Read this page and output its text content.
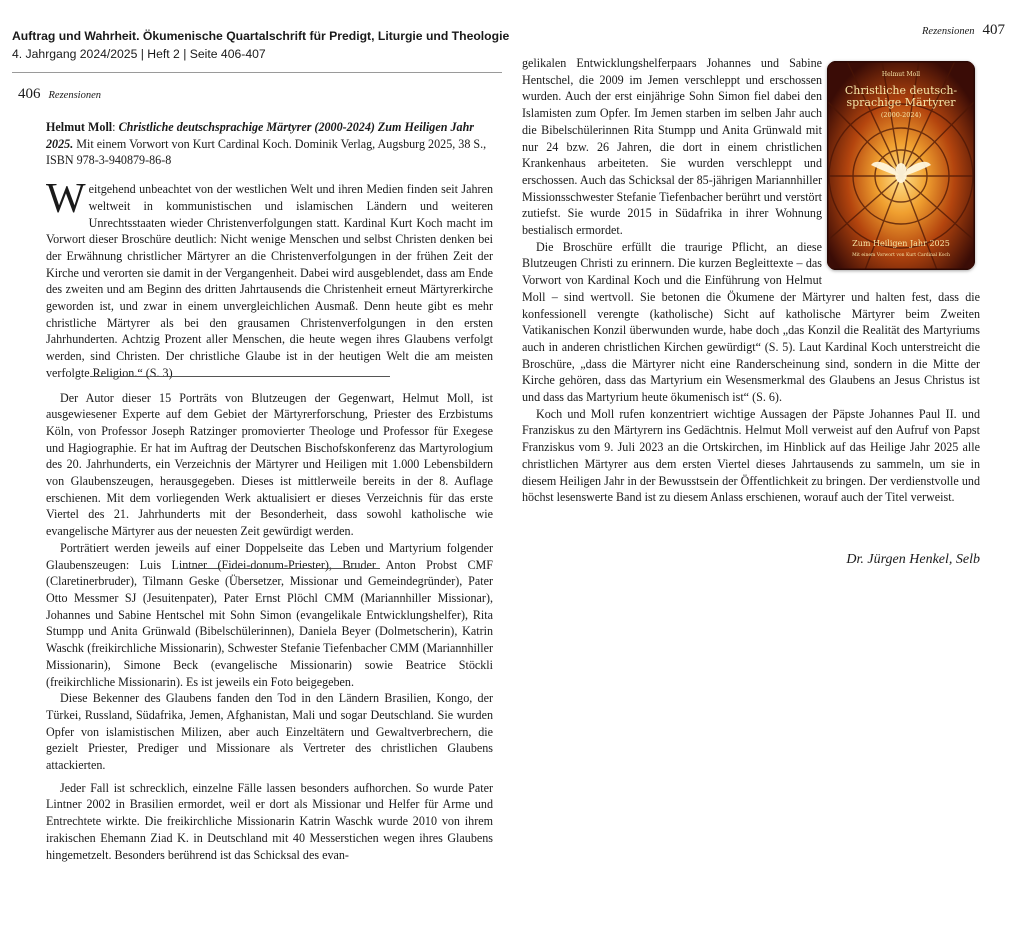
Auftrag und Wahrheit. Ökumenische Quartalschrift für Predigt, Liturgie und Theologie
4. Jahrgang 2024/2025 | Heft 2 | Seite 406-407
406 Rezensionen
Rezensionen 407

Helmut Moll: Christliche deutschsprachige Märtyrer (2000-2024) Zum Heiligen Jahr 2025. Mit einem Vorwort von Kurt Cardinal Koch. Dominik Verlag, Augsburg 2025, 38 S., ISBN 978-3-940879-86-8

Weitgehend unbeachtet von der westlichen Welt und ihren Medien finden seit Jahren weltweit in kommunistischen und islamischen Ländern und weiteren Unrechtsstaaten wieder Christenverfolgungen statt. Kardinal Kurt Koch macht im Vorwort dieser Broschüre deutlich: Nicht wenige Menschen und selbst Christen denken bei der Erwähnung christlicher Märtyrer an die Christenverfolgungen in der frühen Zeit der Kirche und verorten sie damit in der Vergangenheit. Dabei wird ausgeblendet, dass am Ende des zweiten und am Beginn des dritten Jahrtausends die Christenheit erneut Märtyrerkirche geworden ist, und zwar in einem unvergleichlichen Ausmaß. Denn heute gibt es mehr christliche Märtyrer als bei den grausamen Christenverfolgungen in den ersten Jahrhunderten. Achtzig Prozent aller Menschen, die heute wegen ihres Glaubens verfolgt werden, sind Christen. Der christliche Glaube ist in der heutigen Welt die am meisten verfolgte Religion.“ (S. 3)

Der Autor dieser 15 Porträts von Blutzeugen der Gegenwart, Helmut Moll, ist ausgewiesener Experte auf dem Gebiet der Märtyrerforschung, Priester des Erzbistums Köln, von Professor Joseph Ratzinger promovierter Theologe und Professor für Exegese und Hagiographie. Er hat im Auftrag der Deutschen Bischofskonferenz das Martyrologium des 20. Jahrhunderts, ein Verzeichnis der Märtyrer und Heiligen mit 1.000 Lebensbildern von Glaubenszeugen, herausgegeben. Dieses ist mittlerweile bereits in der 8. Auflage erschienen. Mit dem vorliegenden Werk aktualisiert er dieses Verzeichnis für das erste Viertel des 21. Jahrhunderts mit der Besonderheit, dass sowohl katholische wie evangelische Märtyrer aus der neuesten Zeit gewürdigt werden.

Porträtiert werden jeweils auf einer Doppelseite das Leben und Martyrium folgender Glaubenszeugen: Luis Lintner (Fidei-donum-Priester), Bruder Anton Probst CMF (Claretinerbruder), Tilmann Geske (Übersetzer, Missionar und Gemeindegründer), Pater Otto Messmer SJ (Jesuitenpater), Pater Ernst Plöchl CMM (Mariannhiller Missionar), Johannes und Sabine Hentschel mit Sohn Simon (evangelikale Entwicklungshelfer), Rita Stumpp und Anita Grünwald (Bibelschülerinnen), Daniela Beyer (Dolmetscherin), Katrin Waschk (freikirchliche Missionarin), Schwester Stefanie Tiefenbacher CMM (Mariannhiller Missionarin), Simone Beck (evangelische Missionarin) sowie Beatrice Stöckli (freikirchliche Missionarin). Es ist jeweils ein Foto beigegeben.

Diese Bekenner des Glaubens fanden den Tod in den Ländern Brasilien, Kongo, der Türkei, Russland, Südafrika, Jemen, Afghanistan, Mali und sogar Deutschland. Sie wurden Opfer von islamistischen Milizen, aber auch Einzeltätern und Gewaltverbrechern, die gezielt Priester, Prediger und Missionare als Vertreter des christlichen Glaubens attackierten.

Jeder Fall ist schrecklich, einzelne Fälle lassen besonders aufhorchen. So wurde Pater Lintner 2002 in Brasilien ermordet, weil er dort als Missionar und Helfer für Arme und Entrechtete wirkte. Die freikirchliche Missionarin Katrin Waschk wurde 2010 von ihrem irakischen Ehemann Ziad K. in Deutschland mit 40 Messerstichen wegen ihres Glaubens hingemetzelt. Besonders berührend ist das Schicksal des evan-

gelikalen Entwicklungshelferpaars Johannes und Sabine Hentschel, die 2009 im Jemen verschleppt und erschossen wurden. Auch der erst einjährige Sohn Simon fiel dabei den Islamisten zum Opfer. Im Jemen starben im selben Jahr auch die Bibelschülerinnen Rita Stumpp und Anita Grünwald mit nur 24 bzw. 26 Jahren, die dort in einem christlichen Krankenhaus arbeiteten. Sie wurden verschleppt und erschossen. Auch das Schicksal der 85-jährigen Mariannhiller Missionsschwester Stefanie Tiefenbacher berührt und verstört zutiefst. Sie wurde 2015 in Südafrika in ihrer Wohnung bestialisch ermordet.

Die Broschüre erfüllt die traurige Pflicht, an diese Blutzeugen Christi zu erinnern. Die kurzen Begleittexte – das Vorwort von Kardinal Koch und die Einführung von Helmut Moll – sind wertvoll. Sie betonen die Ökumene der Märtyrer und halten fest, dass die konfessionell verengte (katholische) Sicht auf katholische Märtyrer beim Zweiten Vatikanischen Konzil überwunden wurde, habe doch „das Konzil die Realität des Martyriums auch in anderen christlichen Kirchen gewürdigt“ (S. 5). Laut Kardinal Koch unterstreicht die Broschüre, „dass die Märtyrer nicht eine Randerscheinung sind, sondern in die Mitte der Kirche gehören, dass das Martyrium ein Wesensmerkmal des Glaubens an Jesus Christus ist und dass das Martyrium heute ökumenisch ist“ (S. 6).

Koch und Moll rufen konzentriert wichtige Aussagen der Päpste Johannes Paul II. und Franziskus zu den Märtyrern ins Gedächtnis. Helmut Moll verweist auf den Aufruf von Papst Franziskus vom 9. Juli 2023 an die Ortskirchen, im Hinblick auf das Heilige Jahr 2025 alle christlichen Märtyrer aus dem ersten Viertel dieses Jahrtausends zu sammeln, um sie in diesem Heiligen Jahr in der Bewusstsein der Öffentlichkeit zu bringen. Der verdienstvolle und höchst lesenswerte Band ist zu diesem Anlass erschienen, worauf auch der Titel verweist.

Helmut Moll
Christliche deutsch-
sprachige Märtyrer
(2000-2024)
Zum Heiligen Jahr 2025
Mit einem Vorwort von Kurt Cardinal Koch
Dr. Jürgen Henkel, Selb
